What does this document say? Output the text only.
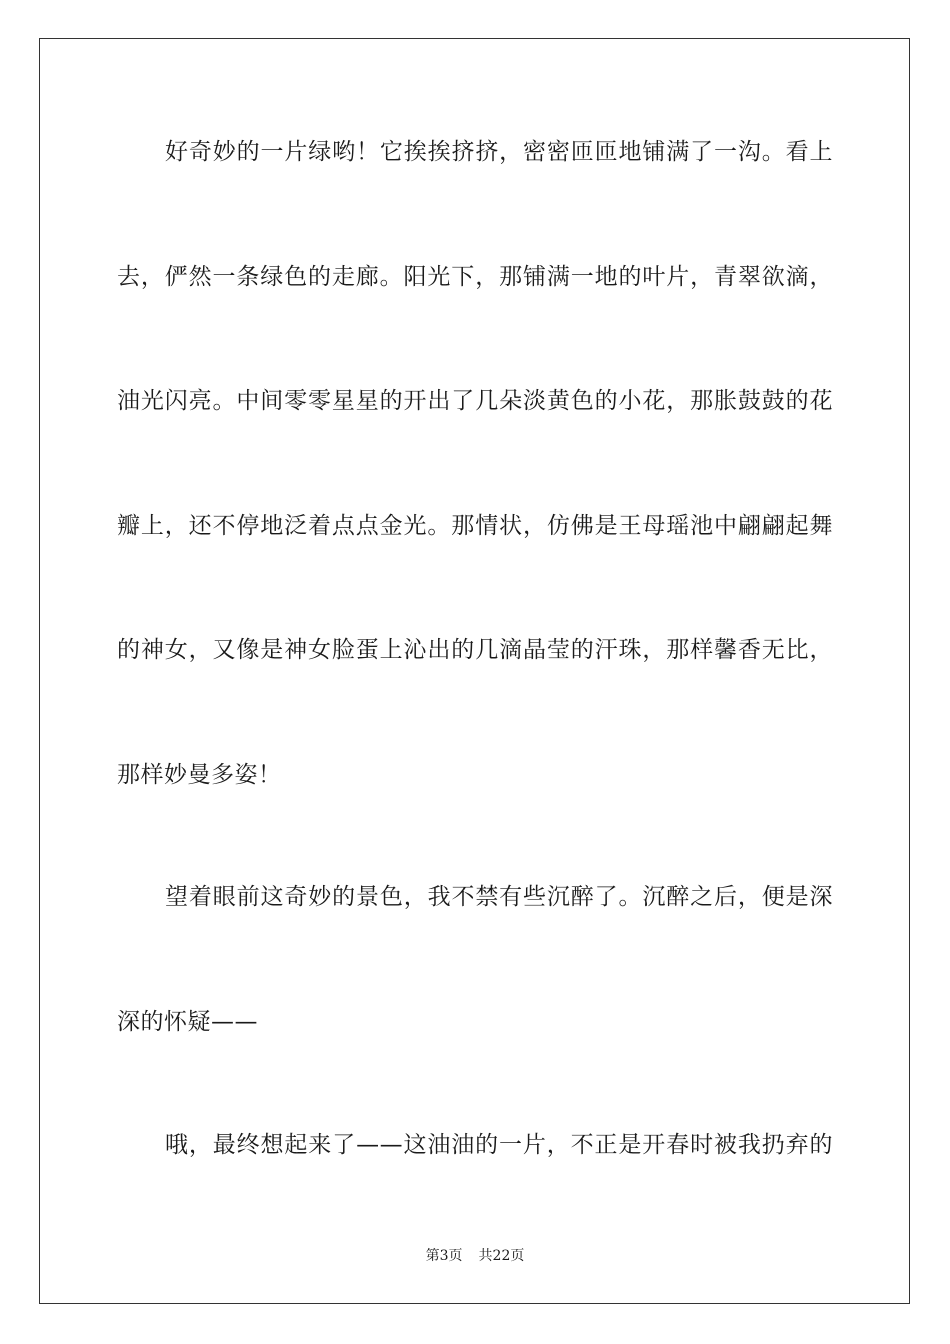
好奇妙的一片绿哟！它挨挨挤挤，密密匝匝地铺满了一沟。看上
去，俨然一条绿色的走廊。阳光下，那铺满一地的叶片，青翠欲滴，
油光闪亮。中间零零星星的开出了几朵淡黄色的小花，那胀鼓鼓的花
瓣上，还不停地泛着点点金光。那情状，仿佛是王母瑶池中翩翩起舞
的神女，又像是神女脸蛋上沁出的几滴晶莹的汗珠，那样馨香无比，
那样妙曼多姿！
望着眼前这奇妙的景色，我不禁有些沉醉了。沉醉之后，便是深
深的怀疑——
哦，最终想起来了——这油油的一片，不正是开春时被我扔弃的
第3页 共22页
